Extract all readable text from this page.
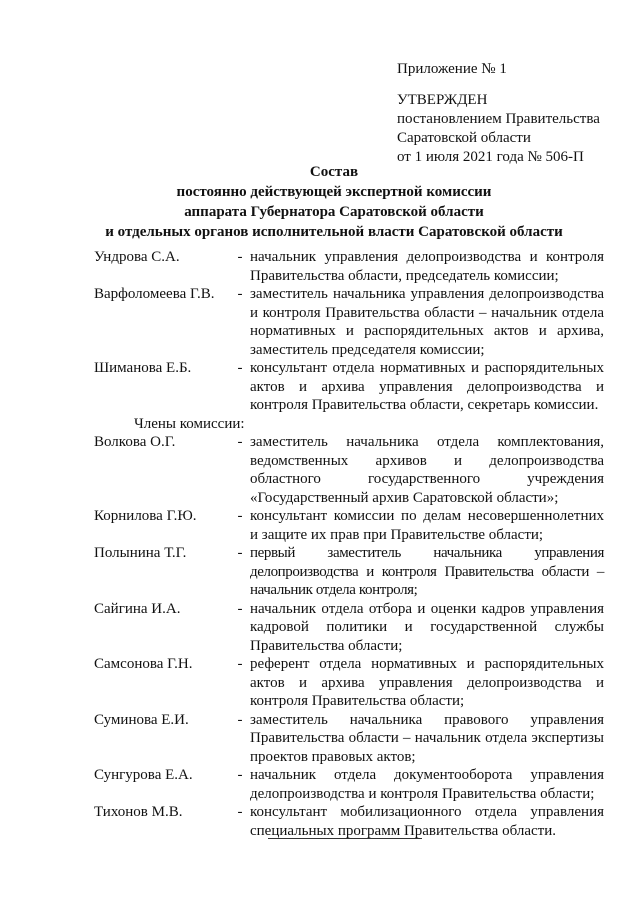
Приложение № 1
УТВЕРЖДЕН
постановлением Правительства
Саратовской области
от 1 июля 2021 года № 506-П
Состав
постоянно действующей экспертной комиссии
аппарата Губернатора Саратовской области
и отдельных органов исполнительной власти Саратовской области
Ундрова С.А.	- начальник управления делопроизводства и контроля Правительства области, председатель комиссии;
Варфоломеева Г.В.	- заместитель начальника управления делопроизводства и контроля Правительства области – начальник отдела нормативных и распорядительных актов и архива, заместитель председателя комиссии;
Шиманова Е.Б.	- консультант отдела нормативных и распорядительных актов и архива управления делопроизводства и контроля Правительства области, секретарь комиссии.
Члены комиссии:
Волкова О.Г.	- заместитель начальника отдела комплектования, ведомственных архивов и делопроизводства областного государственного учреждения «Государственный архив Саратовской области»;
Корнилова Г.Ю.	- консультант комиссии по делам несовершеннолетних и защите их прав при Правительстве области;
Полынина Т.Г.	- первый заместитель начальника управления делопроизводства и контроля Правительства области – начальник отдела контроля;
Сайгина И.А.	- начальник отдела отбора и оценки кадров управления кадровой политики и государственной службы Правительства области;
Самсонова Г.Н.	- референт отдела нормативных и распорядительных актов и архива управления делопроизводства и контроля Правительства области;
Суминова Е.И.	- заместитель начальника правового управления Правительства области – начальник отдела экспертизы проектов правовых актов;
Сунгурова Е.А.	- начальник отдела документооборота управления делопроизводства и контроля Правительства области;
Тихонов М.В.	- консультант мобилизационного отдела управления специальных программ Правительства области.
